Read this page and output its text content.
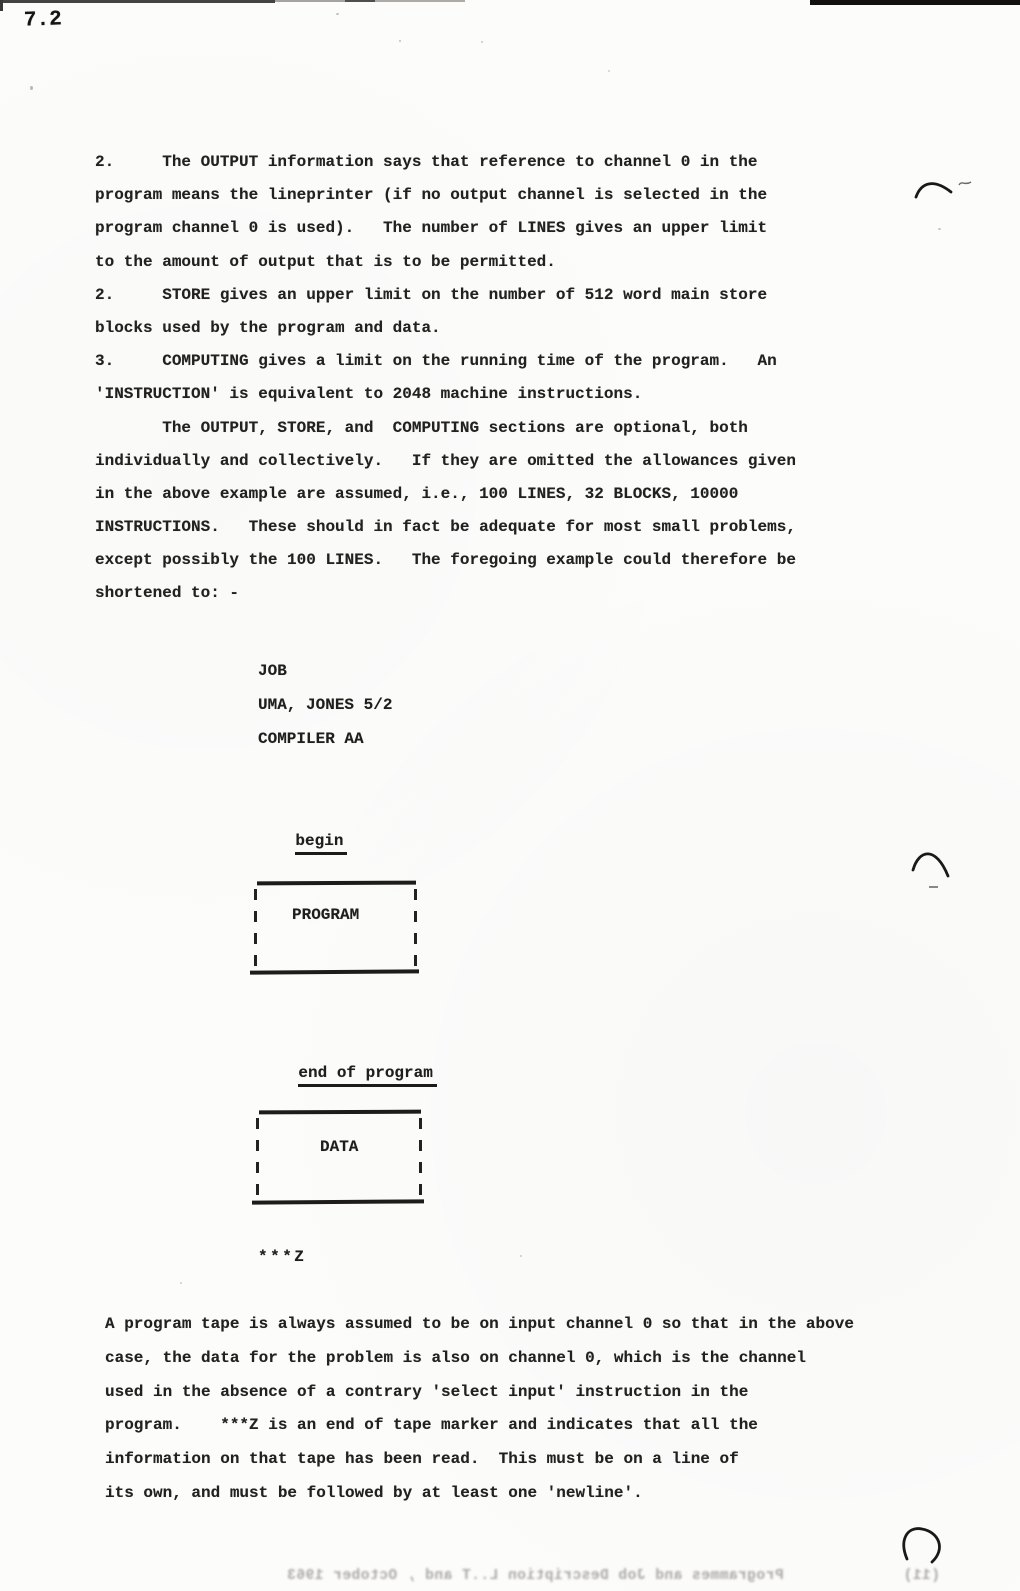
7.2
2.     The OUTPUT information says that reference to channel 0 in the
program means the lineprinter (if no output channel is selected in the
program channel 0 is used).   The number of LINES gives an upper limit
to the amount of output that is to be permitted.
2.     STORE gives an upper limit on the number of 512 word main store
blocks used by the program and data.
3.     COMPUTING gives a limit on the running time of the program.   An
'INSTRUCTION' is equivalent to 2048 machine instructions.
The OUTPUT, STORE, and  COMPUTING sections are optional, both
individually and collectively.   If they are omitted the allowances given
in the above example are assumed, i.e., 100 LINES, 32 BLOCKS, 10000
INSTRUCTIONS.   These should in fact be adequate for most small problems,
except possibly the 100 LINES.   The foregoing example could therefore be
shortened to: -
JOB
UMA, JONES 5/2
COMPILER AA

begin

PROGRAM

end of program

DATA
***Z
A program tape is always assumed to be on input channel 0 so that in the above
case, the data for the problem is also on channel 0, which is the channel
used in the absence of a contrary 'select input' instruction in the
program.    ***Z is an end of tape marker and indicates that all the
information on that tape has been read.  This must be on a line of
its own, and must be followed by at least one 'newline'.
(11)             Programmes and Job Description L..T and , October 1963
